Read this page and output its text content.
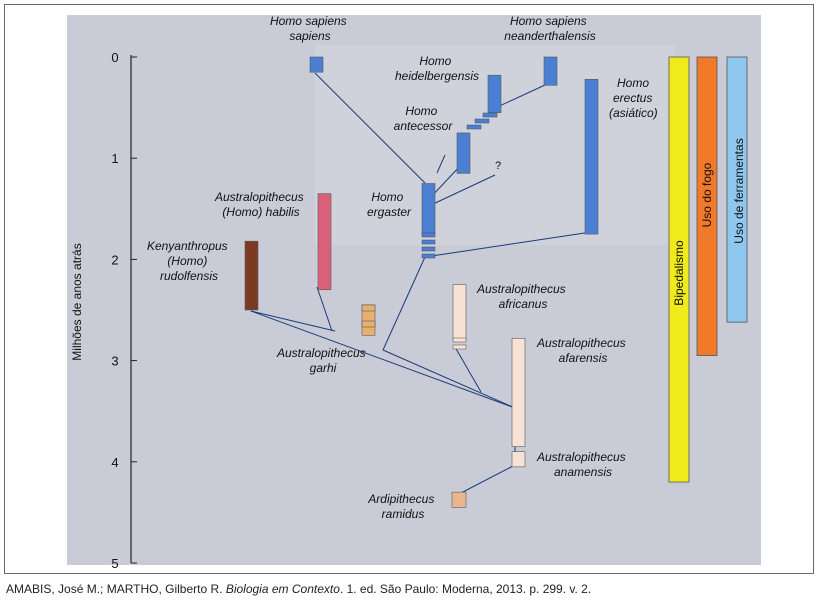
0
1
2
3
4
5
Milhões de anos atrás
?
Homo sapiens sapiens
Homo sapiens neanderthalensis
Homo heidelbergensis
Homo antecessor
Homo erectus (asiático)
Homo ergaster
Australopithecus (Homo) habilis
Kenyanthropus (Homo) rudolfensis
Australopithecus garhi
Australopithecus africanus
Australopithecus afarensis
Australopithecus anamensis
Ardipithecus ramidus
Bipedalismo
Uso do fogo Uso de ferramentas
AMABIS, José M.; MARTHO, Gilberto R. Biologia em Contexto. 1. ed. São Paulo: Moderna, 2013. p. 299. v. 2.
